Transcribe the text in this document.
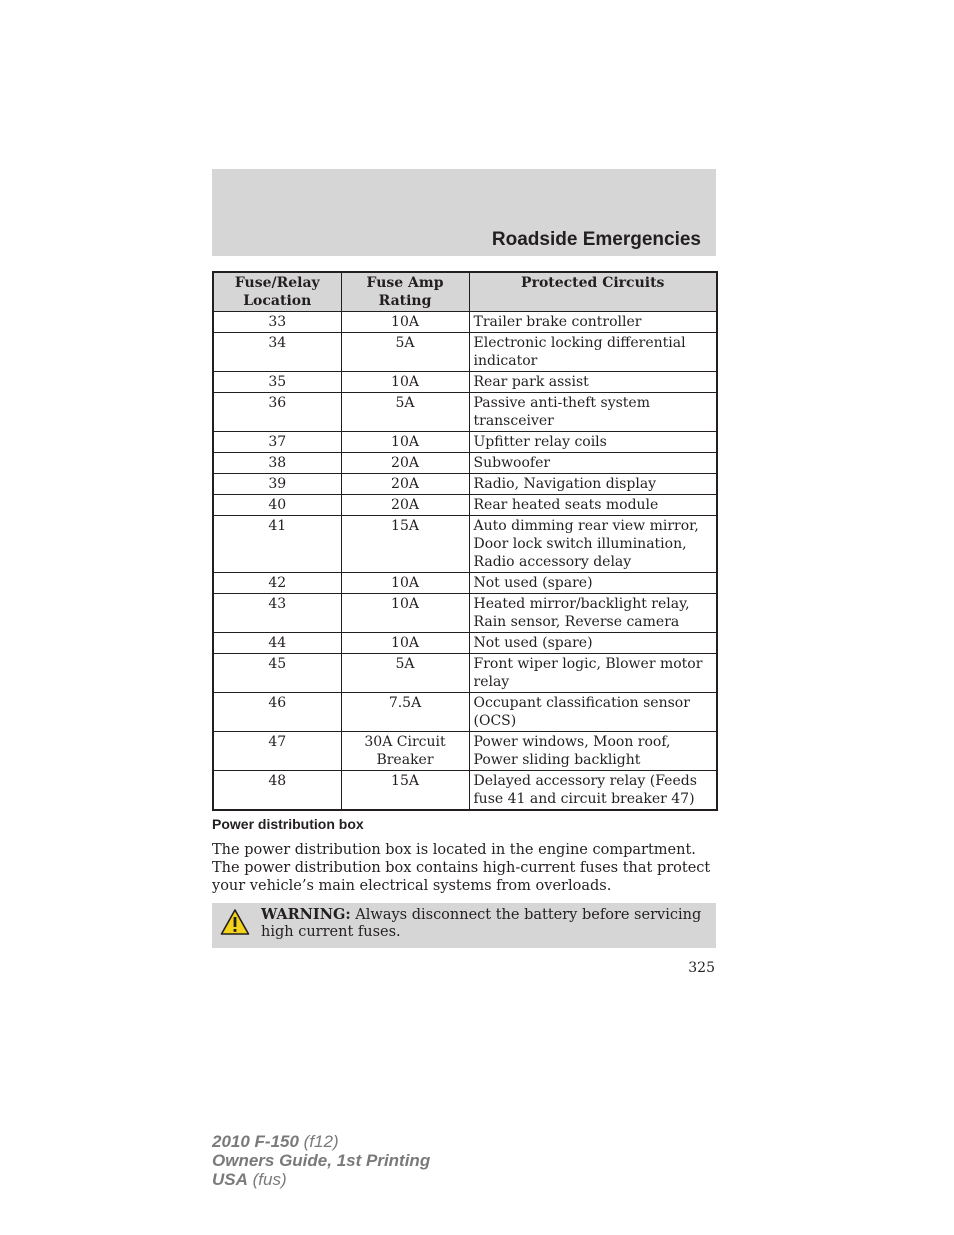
Roadside Emergencies
Fuse/Relay Location	Fuse Amp Rating	Protected Circuits
33	10A	Trailer brake controller
34	5A	Electronic locking differential indicator
35	10A	Rear park assist
36	5A	Passive anti-theft system transceiver
37	10A	Upfitter relay coils
38	20A	Subwoofer
39	20A	Radio, Navigation display
40	20A	Rear heated seats module
41	15A	Auto dimming rear view mirror, Door lock switch illumination, Radio accessory delay
42	10A	Not used (spare)
43	10A	Heated mirror/backlight relay, Rain sensor, Reverse camera
44	10A	Not used (spare)
45	5A	Front wiper logic, Blower motor relay
46	7.5A	Occupant classification sensor (OCS)
47	30A Circuit Breaker	Power windows, Moon roof, Power sliding backlight
48	15A	Delayed accessory relay (Feeds fuse 41 and circuit breaker 47)
Power distribution box

The power distribution box is located in the engine compartment. The power distribution box contains high-current fuses that protect your vehicle’s main electrical systems from overloads.

WARNING: Always disconnect the battery before servicing high current fuses.

325

2010 F-150 (f12)
Owners Guide, 1st Printing
USA (fus)
